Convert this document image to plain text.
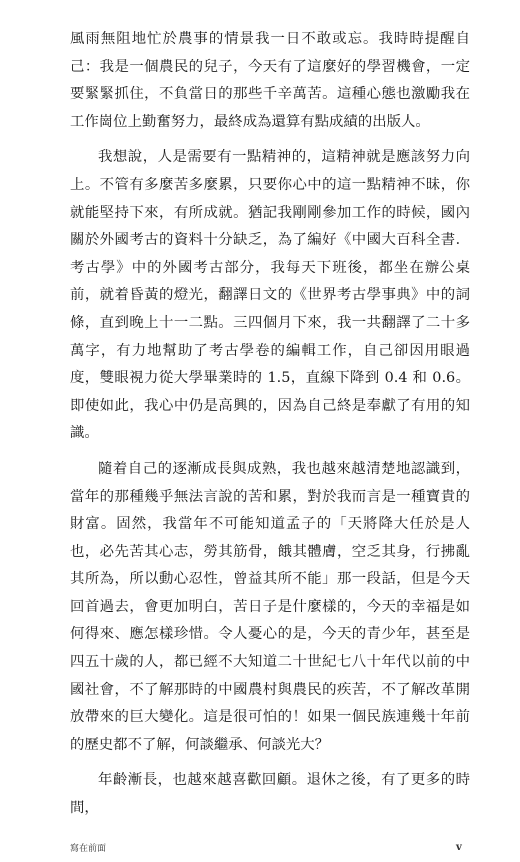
風雨無阻地忙於農事的情景我一日不敢或忘。我時時提醒自己：我是一個農民的兒子，今天有了這麼好的學習機會，一定要緊緊抓住，不負當日的那些千辛萬苦。這種心態也激勵我在工作崗位上勤奮努力，最終成為還算有點成績的出版人。

我想說，人是需要有一點精神的，這精神就是應該努力向上。不管有多麼苦多麼累，只要你心中的這一點精神不昧，你就能堅持下來，有所成就。猶記我剛剛參加工作的時候，國內關於外國考古的資料十分缺乏，為了編好《中國大百科全書．考古學》中的外國考古部分，我每天下班後，都坐在辦公桌前，就着昏黃的燈光，翻譯日文的《世界考古學事典》中的詞條，直到晚上十一二點。三四個月下來，我一共翻譯了二十多萬字，有力地幫助了考古學卷的編輯工作，自己卻因用眼過度，雙眼視力從大學畢業時的 1.5，直線下降到 0.4 和 0.6。即使如此，我心中仍是高興的，因為自己終是奉獻了有用的知識。

隨着自己的逐漸成長與成熟，我也越來越清楚地認識到，當年的那種幾乎無法言說的苦和累，對於我而言是一種寶貴的財富。固然，我當年不可能知道孟子的「天將降大任於是人也，必先苦其心志，勞其筋骨，餓其體膚，空乏其身，行拂亂其所為，所以動心忍性，曾益其所不能」那一段話，但是今天回首過去，會更加明白，苦日子是什麼樣的，今天的幸福是如何得來、應怎樣珍惜。令人憂心的是，今天的青少年，甚至是四五十歲的人，都已經不大知道二十世紀七八十年代以前的中國社會，不了解那時的中國農村與農民的疾苦，不了解改革開放帶來的巨大變化。這是很可怕的！如果一個民族連幾十年前的歷史都不了解，何談繼承、何談光大？

年齡漸長，也越來越喜歡回顧。退休之後，有了更多的時間，

寫在前面	v
